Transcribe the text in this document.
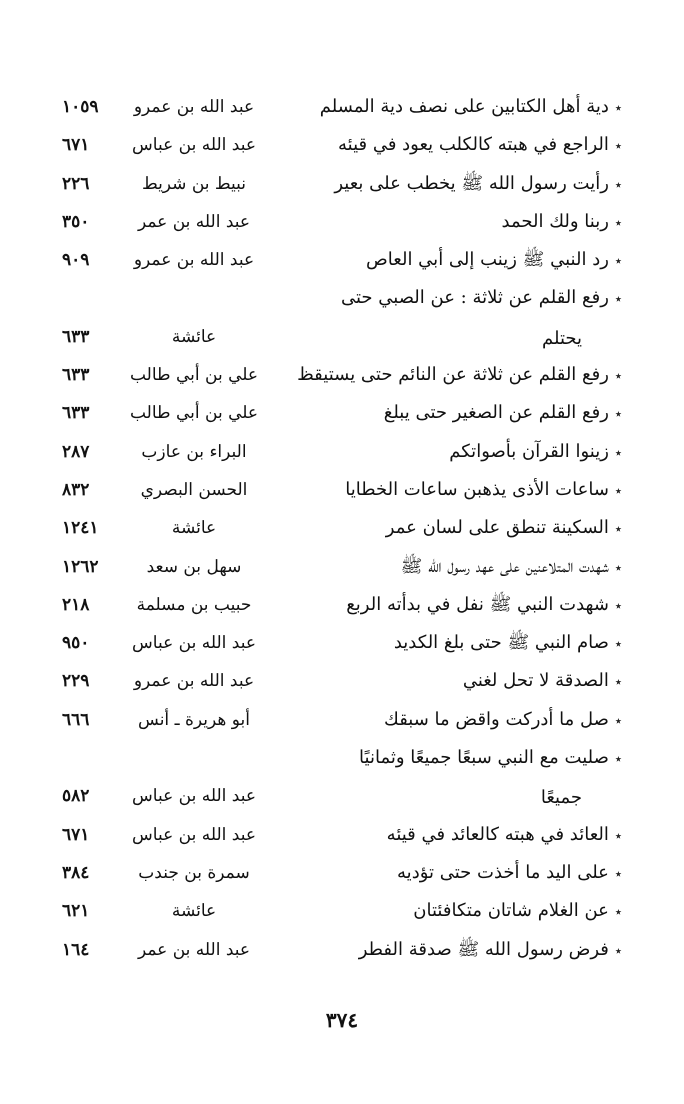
٭دية أهل الكتابين على نصف دية المسلم
عبد الله بن عمرو
١٠٥٩
٭الراجع في هبته كالكلب يعود في قيئه
عبد الله بن عباس
٦٧١
٭رأيت رسول الله ﷺ يخطب على بعير
نبيط بن شريط
٢٢٦
٭ربنا ولك الحمد
عبد الله بن عمر
٣٥٠
٭رد النبي ﷺ زينب إلى أبي العاص
عبد الله بن عمرو
٩٠٩
٭رفع القلم عن ثلاثة : عن الصبي حتى
يحتلم
عائشة
٦٣٣
٭رفع القلم عن ثلاثة عن النائم حتى يستيقظ
علي بن أبي طالب
٦٣٣
٭رفع القلم عن الصغير حتى يبلغ
علي بن أبي طالب
٦٣٣
٭زينوا القرآن بأصواتكم
البراء بن عازب
٢٨٧
٭ساعات الأذى يذهبن ساعات الخطايا
الحسن البصري
٨٣٢
٭السكينة تنطق على لسان عمر
عائشة
١٢٤١
٭شهدت المتلاعنين على عهد رسول الله ﷺ
سهل بن سعد
١٢٦٢
٭شهدت النبي ﷺ نفل في بدأته الربع
حبيب بن مسلمة
٢١٨
٭صام النبي ﷺ حتى بلغ الكديد
عبد الله بن عباس
٩٥٠
٭الصدقة لا تحل لغني
عبد الله بن عمرو
٢٢٩
٭صل ما أدركت واقض ما سبقك
أبو هريرة ـ أنس
٦٦٦
٭صليت مع النبي سبعًا جميعًا وثمانيًا
جميعًا
عبد الله بن عباس
٥٨٢
٭العائد في هبته كالعائد في قيئه
عبد الله بن عباس
٦٧١
٭على اليد ما أخذت حتى تؤديه
سمرة بن جندب
٣٨٤
٭عن الغلام شاتان متكافئتان
عائشة
٦٢١
٭فرض رسول الله ﷺ صدقة الفطر
عبد الله بن عمر
١٦٤
٣٧٤
